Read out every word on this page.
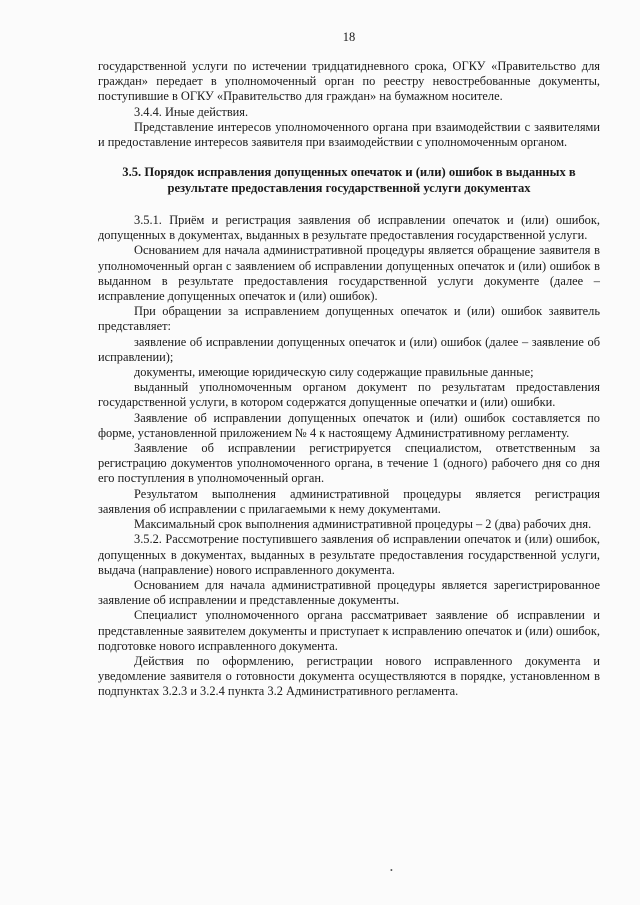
18

государственной услуги по истечении тридцатидневного срока, ОГКУ «Правительство для граждан» передает в уполномоченный орган по реестру невостребованные документы, поступившие в ОГКУ «Правительство для граждан» на бумажном носителе.

3.4.4. Иные действия.

Представление интересов уполномоченного органа при взаимодействии с заявителями и предоставление интересов заявителя при взаимодействии с уполномоченным органом.

3.5. Порядок исправления допущенных опечаток и (или) ошибок в выданных в результате предоставления государственной услуги документах

3.5.1. Приём и регистрация заявления об исправлении опечаток и (или) ошибок, допущенных в документах, выданных в результате предоставления государственной услуги.

Основанием для начала административной процедуры является обращение заявителя в уполномоченный орган с заявлением об исправлении допущенных опечаток и (или) ошибок в выданном в результате предоставления государственной услуги документе (далее – исправление допущенных опечаток и (или) ошибок).

При обращении за исправлением допущенных опечаток и (или) ошибок заявитель представляет:

заявление об исправлении допущенных опечаток и (или) ошибок (далее – заявление об исправлении);

документы, имеющие юридическую силу содержащие правильные данные;

выданный уполномоченным органом документ по результатам предоставления государственной услуги, в котором содержатся допущенные опечатки и (или) ошибки.

Заявление об исправлении допущенных опечаток и (или) ошибок составляется по форме, установленной приложением № 4 к настоящему Административному регламенту.

Заявление об исправлении регистрируется специалистом, ответственным за регистрацию документов уполномоченного органа, в течение 1 (одного) рабочего дня со дня его поступления в уполномоченный орган.

Результатом выполнения административной процедуры является регистрация заявления об исправлении с прилагаемыми к нему документами.

Максимальный срок выполнения административной процедуры – 2 (два) рабочих дня.

3.5.2. Рассмотрение поступившего заявления об исправлении опечаток и (или) ошибок, допущенных в документах, выданных в результате предоставления государственной услуги, выдача (направление) нового исправленного документа.

Основанием для начала административной процедуры является зарегистрированное заявление об исправлении и представленные документы.

Специалист уполномоченного органа рассматривает заявление об исправлении и представленные заявителем документы и приступает к исправлению опечаток и (или) ошибок, подготовке нового исправленного документа.

Действия по оформлению, регистрации нового исправленного документа и уведомление заявителя о готовности документа осуществляются в порядке, установленном в подпунктах 3.2.3 и 3.2.4 пункта 3.2 Административного регламента.

•
